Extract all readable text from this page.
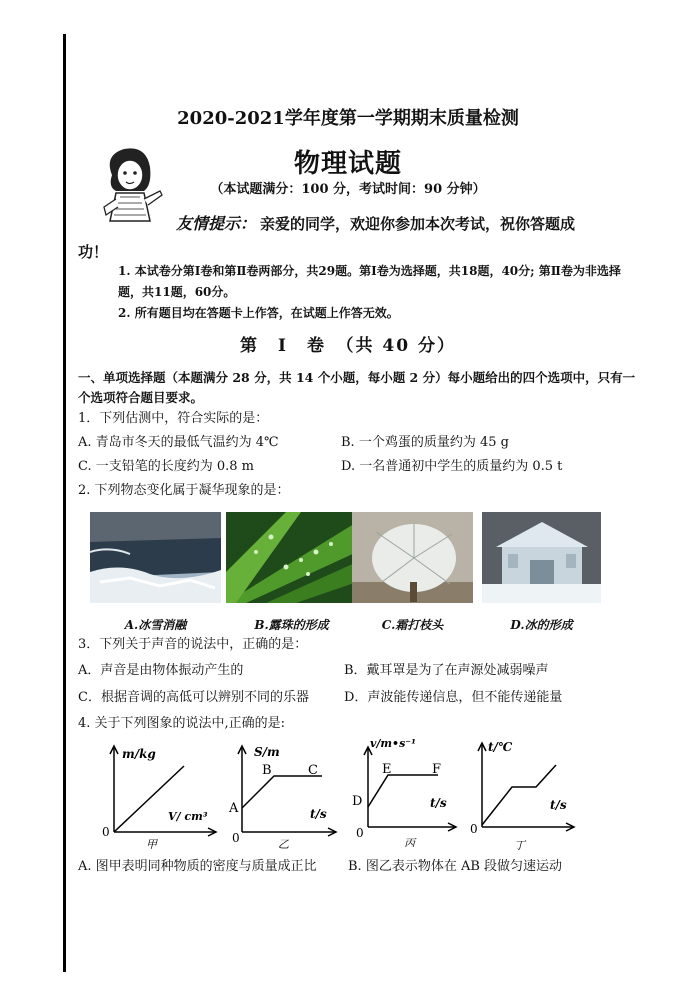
2020-2021学年度第一学期期末质量检测
物理试题
（本试题满分：100 分，考试时间：90 分钟）
友情提示： 亲爱的同学，欢迎你参加本次考试，祝你答题成
功！
1. 本试卷分第Ⅰ卷和第Ⅱ卷两部分，共29题。第Ⅰ卷为选择题，共18题，40分; 第Ⅱ卷为非选择题，共11题，60分。
2. 所有题目均在答题卡上作答，在试题上作答无效。
第　Ⅰ　卷　（共 40 分）
一、单项选择题（本题满分 28 分，共 14 个小题，每小题 2 分）每小题给出的四个选项中，只有一个选项符合题目要求。
1．下列估测中，符合实际的是：
A. 青岛市冬天的最低气温约为 4℃	B. 一个鸡蛋的质量约为 45 g
C. 一支铅笔的长度约为 0.8 m	D. 一名普通初中学生的质量约为 0.5 t
2. 下列物态变化属于凝华现象的是：
A.冰雪消融	B.露珠的形成	C.霜打枝头	D.冰的形成
3．下列关于声音的说法中，正确的是：
A．声音是由物体振动产生的	B．戴耳罩是为了在声源处减弱噪声
C．根据音调的高低可以辨别不同的乐器	D．声波能传递信息，但不能传递能量
4. 关于下列图象的说法中,正确的是:
m/kg
V/ cm³
0
甲
S/m
t/s
A
B	C
0	乙
v/m•s⁻¹
t/s
D
E	F
0
丙
t/℃
t/s
0
丁
A. 图甲表明同种物质的密度与质量成正比 B. 图乙表示物体在 AB 段做匀速运动
